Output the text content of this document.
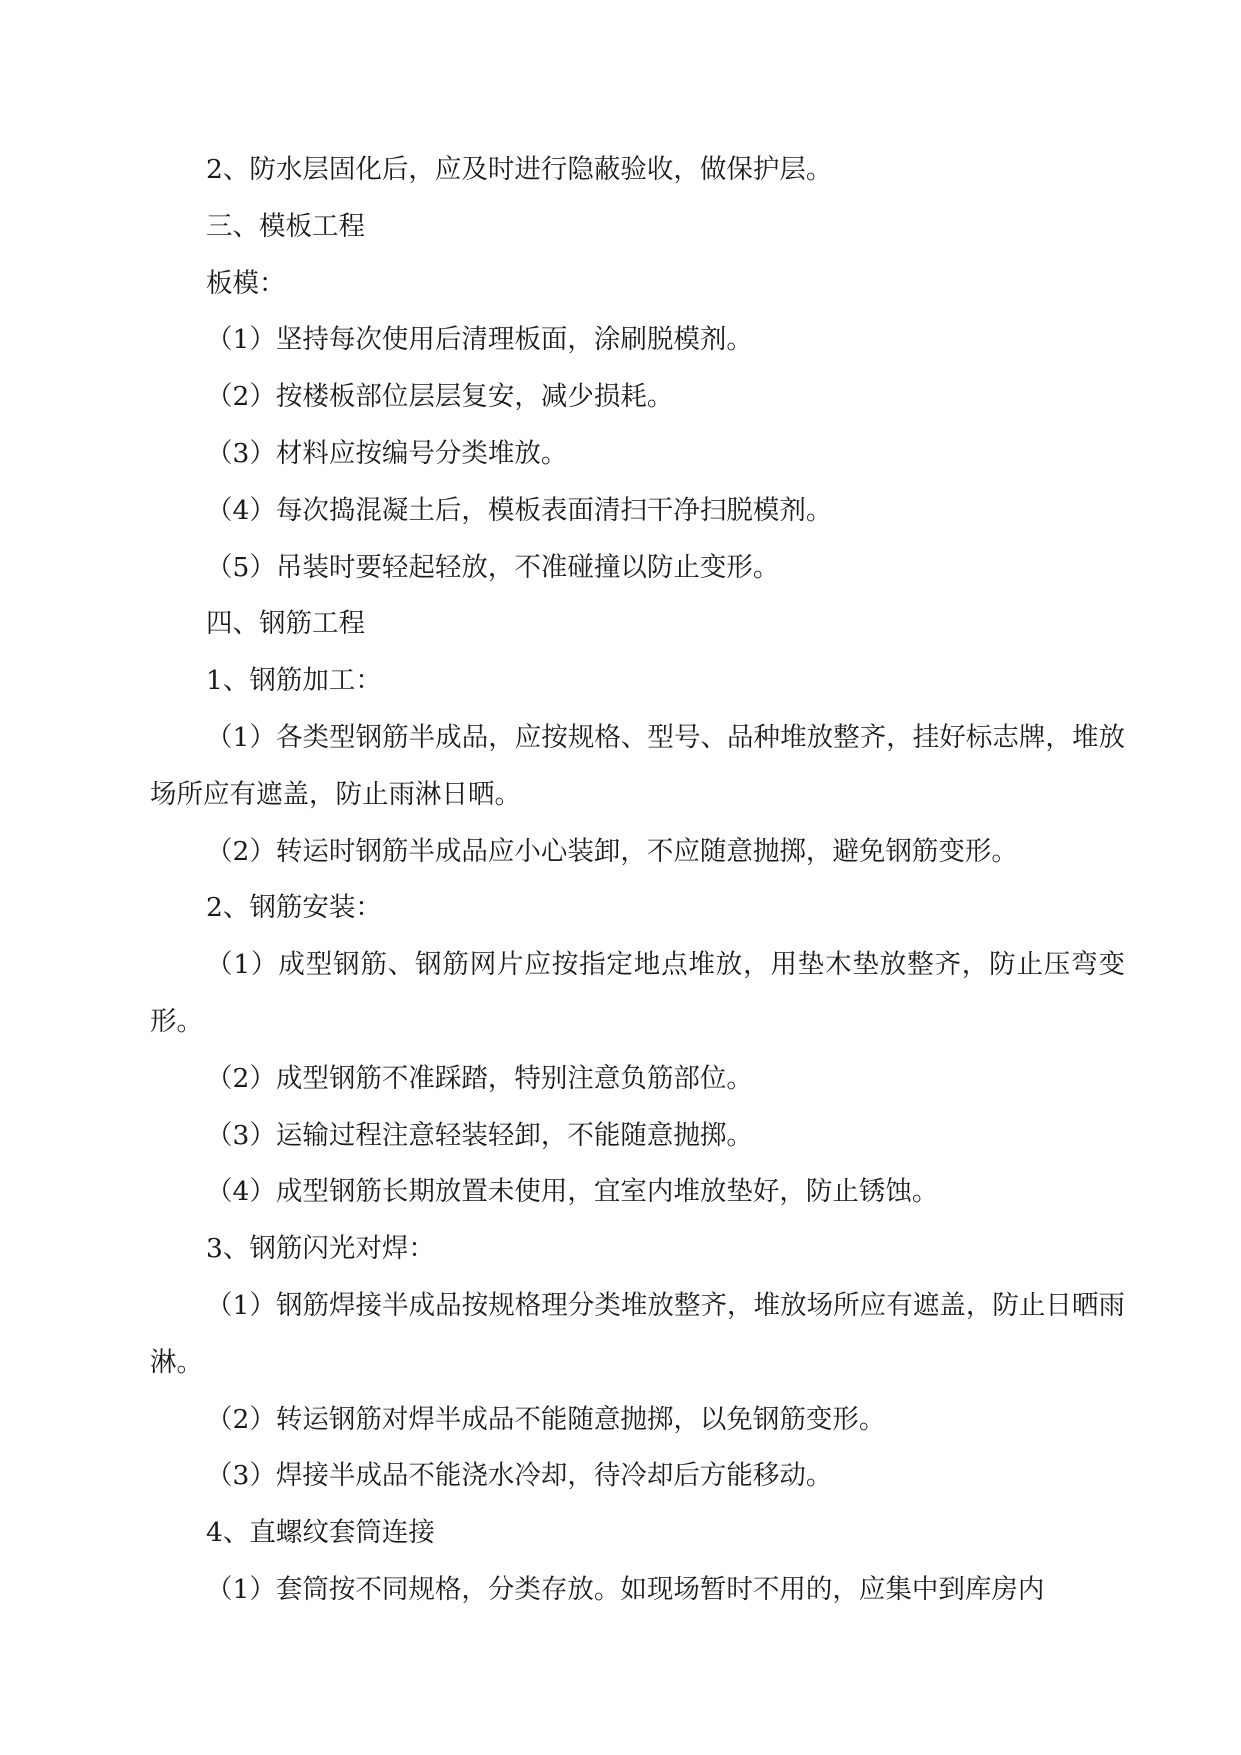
2、防水层固化后，应及时进行隐蔽验收，做保护层。

三、模板工程

板模：

（1）坚持每次使用后清理板面，涂刷脱模剂。

（2）按楼板部位层层复安，减少损耗。

（3）材料应按编号分类堆放。

（4）每次捣混凝土后，模板表面清扫干净扫脱模剂。

（5）吊装时要轻起轻放，不准碰撞以防止变形。

四、钢筋工程

1、钢筋加工：

（1）各类型钢筋半成品，应按规格、型号、品种堆放整齐，挂好标志牌，堆放场所应有遮盖，防止雨淋日晒。

（2）转运时钢筋半成品应小心装卸，不应随意抛掷，避免钢筋变形。

2、钢筋安装：

（1）成型钢筋、钢筋网片应按指定地点堆放，用垫木垫放整齐，防止压弯变形。

（2）成型钢筋不准踩踏，特别注意负筋部位。

（3）运输过程注意轻装轻卸，不能随意抛掷。

（4）成型钢筋长期放置未使用，宜室内堆放垫好，防止锈蚀。

3、钢筋闪光对焊：

（1）钢筋焊接半成品按规格理分类堆放整齐，堆放场所应有遮盖，防止日晒雨淋。

（2）转运钢筋对焊半成品不能随意抛掷，以免钢筋变形。

（3）焊接半成品不能浇水冷却，待冷却后方能移动。

4、直螺纹套筒连接

（1）套筒按不同规格，分类存放。如现场暂时不用的，应集中到库房内
